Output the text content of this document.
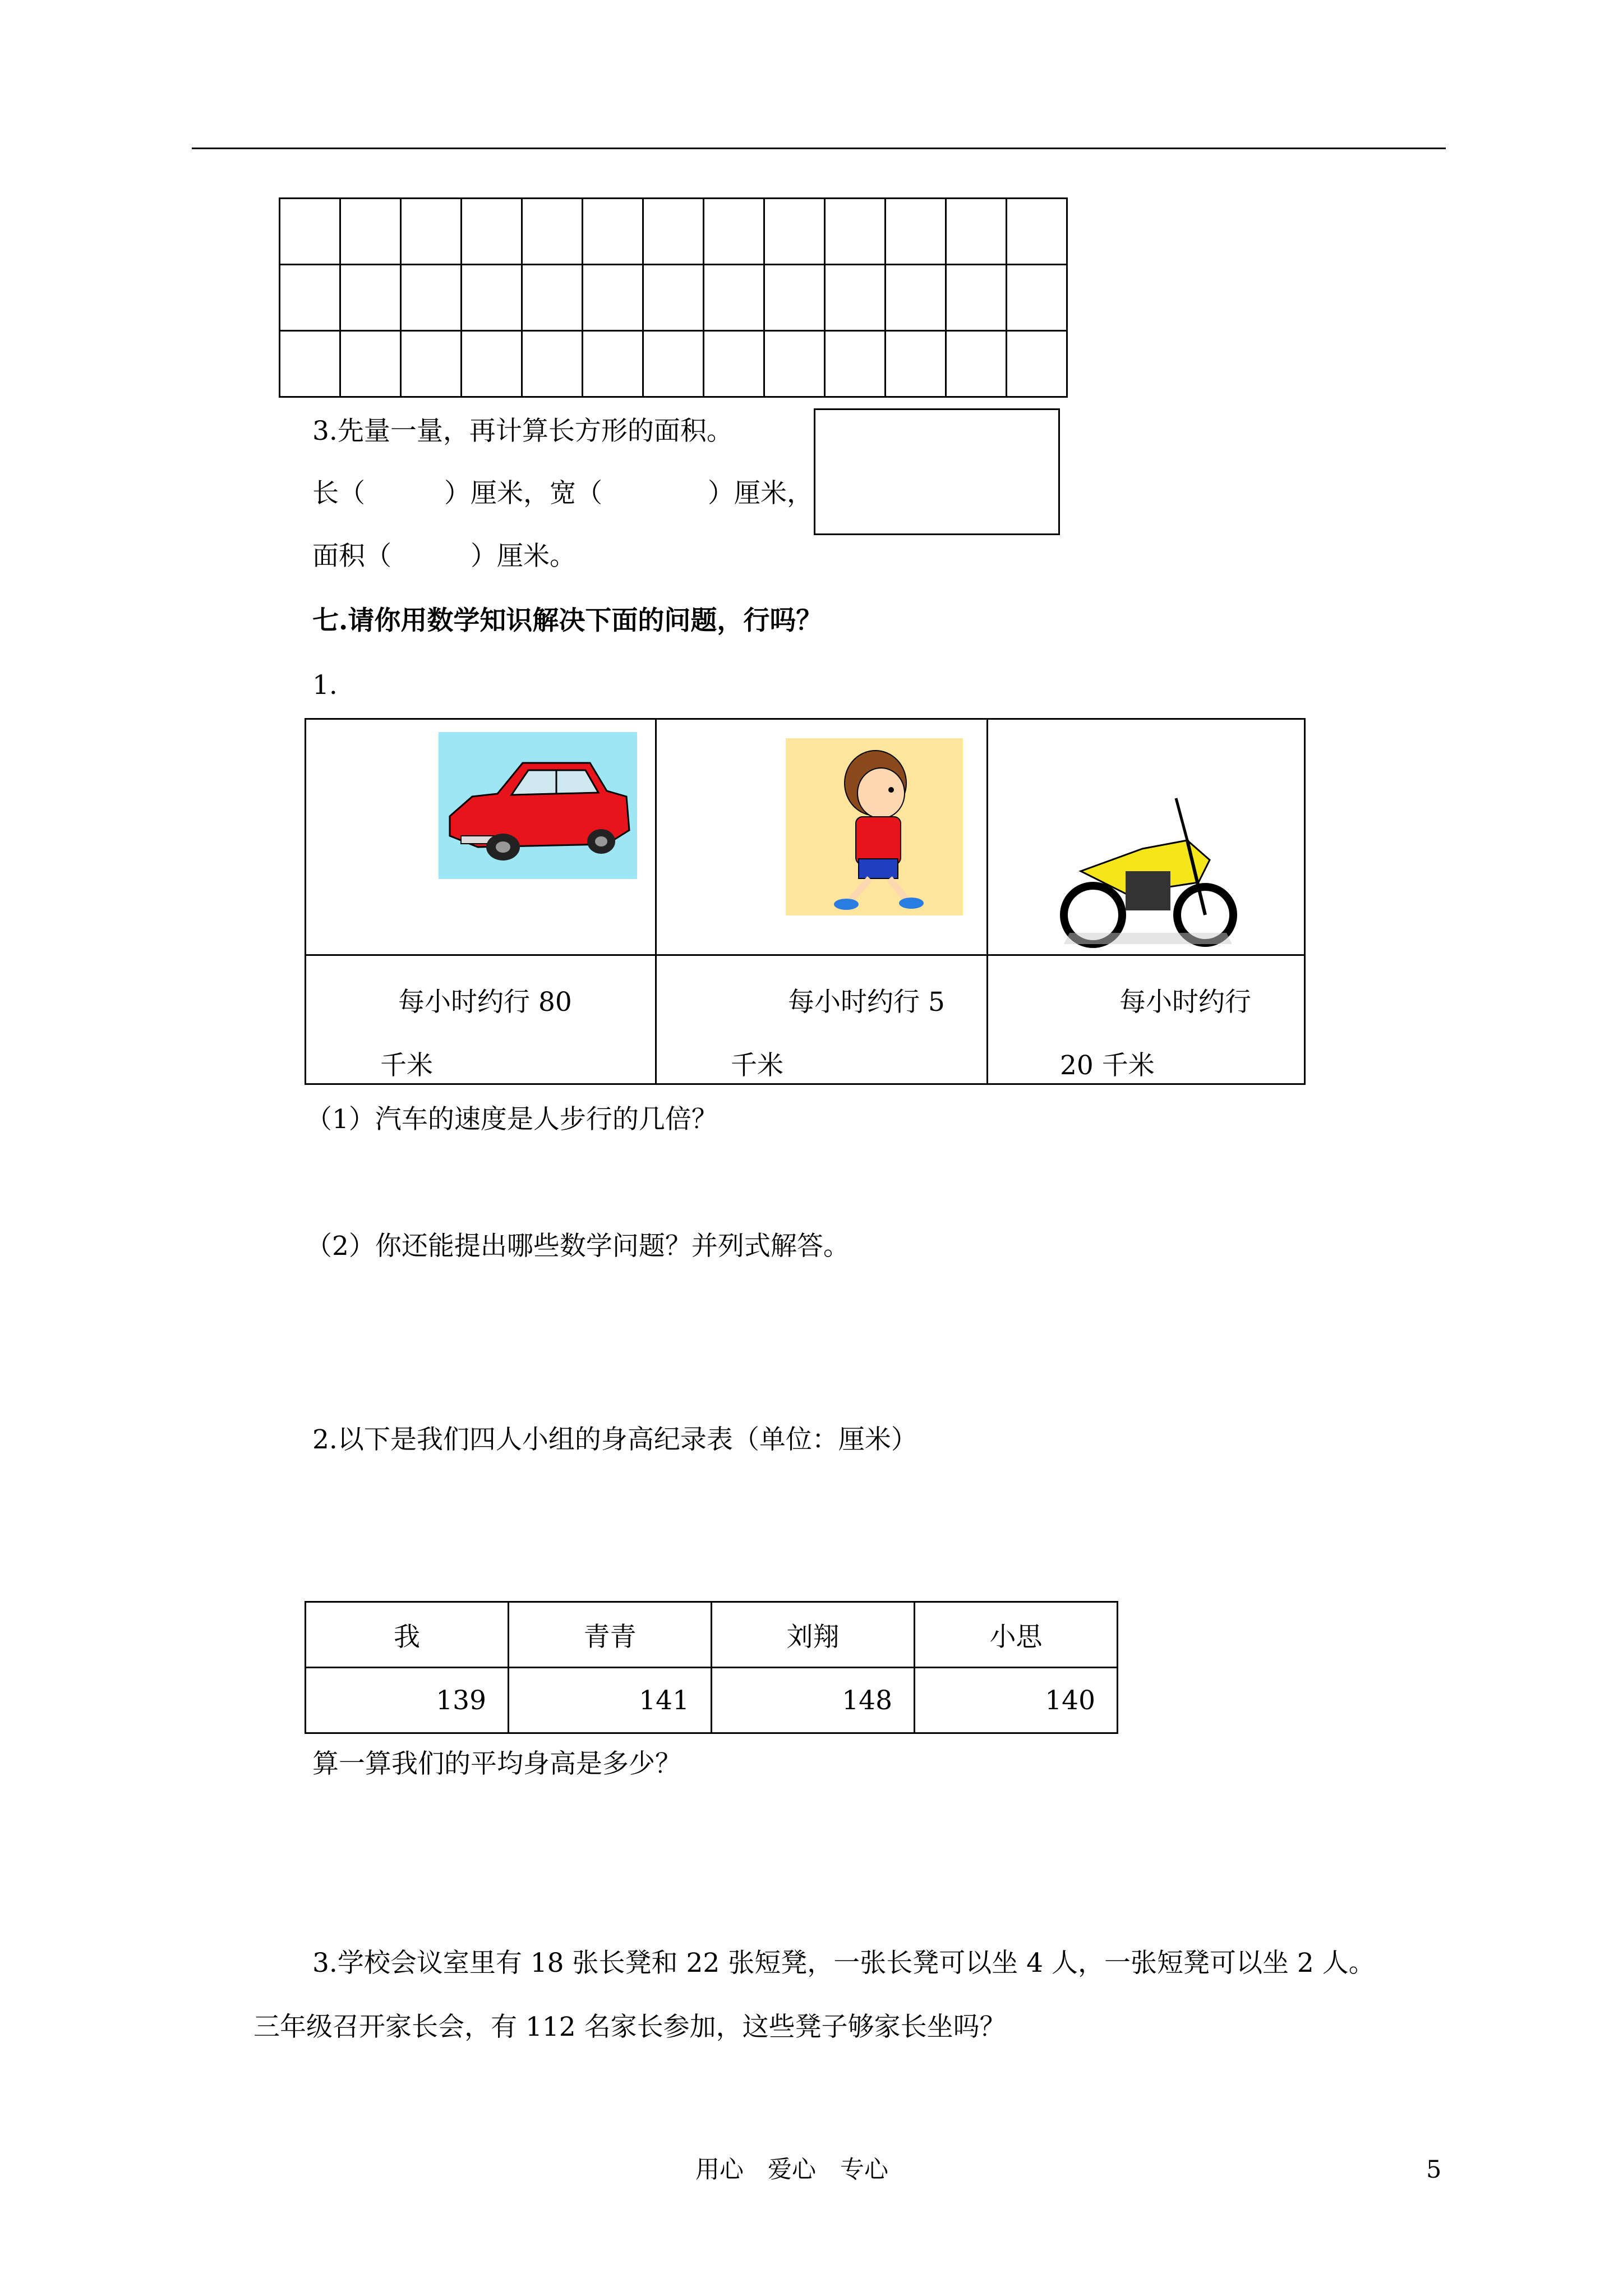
3.先量一量，再计算长方形的面积。
长（　　　）厘米，宽（　　　　）厘米，
面积（　　　）厘米。
七.请你用数学知识解决下面的问题，行吗？
1.

每小时约行 80
千米	每小时约行 5
千米	每小时约行
20 千米
（1）汽车的速度是人步行的几倍？
（2）你还能提出哪些数学问题？并列式解答。
2.以下是我们四人小组的身高纪录表（单位：厘米）
我	青青	刘翔	小思
139	141	148	140
算一算我们的平均身高是多少？
3.学校会议室里有 18 张长凳和 22 张短凳，一张长凳可以坐 4 人，一张短凳可以坐 2 人。
三年级召开家长会，有 112 名家长参加，这些凳子够家长坐吗？
用心　爱心　专心	5
